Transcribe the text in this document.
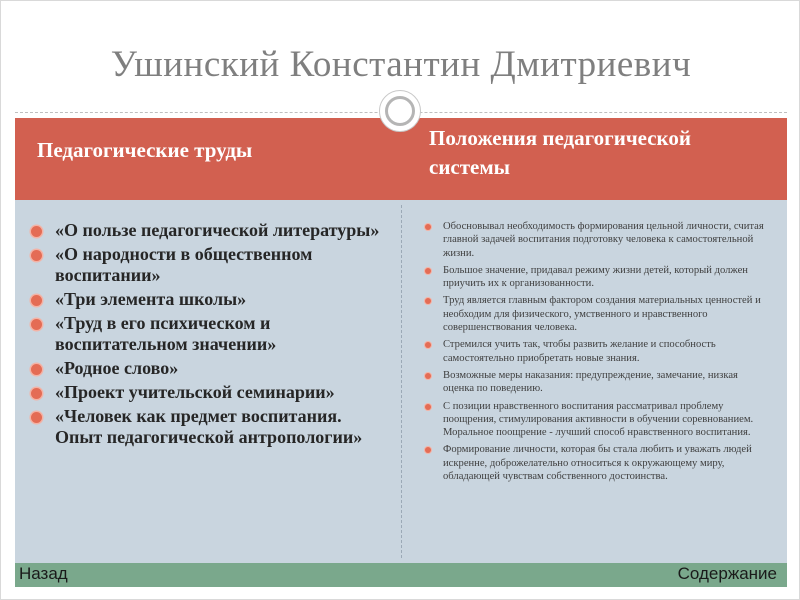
Ушинский Константин Дмитриевич
Педагогические труды	Положения педагогической системы
«О пользе педагогической литературы»
«О народности в общественном воспитании»
«Три элемента школы»
«Труд в его психическом и воспитательном значении»
«Родное слово»
«Проект учительской семинарии»
«Человек как предмет воспитания. Опыт педагогической антропологии»
Обосновывал необходимость формирования цельной личности, считая главной задачей воспитания подготовку человека к самостоятельной жизни.
Большое значение, придавал режиму жизни детей, который должен приучить их к организованности.
Труд является главным фактором создания материальных ценностей и необходим для физического, умственного и нравственного совершенствования человека.
Стремился учить так, чтобы развить желание и способность самостоятельно приобретать новые знания.
Возможные меры наказания: предупреждение, замечание, низкая оценка по поведению.
С позиции нравственного воспитания рассматривал проблему поощрения, стимулирования активности в обучении соревнованием. Моральное поощрение - лучший способ нравственного воспитания.
Формирование личности, которая бы стала любить и уважать людей искренне, доброжелательно относиться к окружающему миру, обладающей чувствам собственного достоинства.
Назад	Содержание
